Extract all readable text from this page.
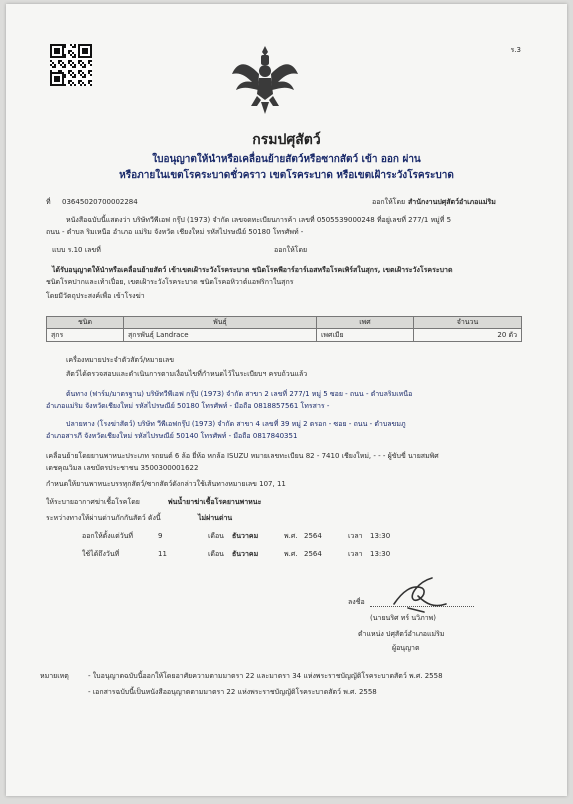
ร.3
กรมปศุสัตว์
ใบอนุญาตให้นำหรือเคลื่อนย้ายสัตว์หรือซากสัตว์ เข้า ออก ผ่าน
หรือภายในเขตโรคระบาดชั่วคราว เขตโรคระบาด หรือเขตเฝ้าระวังโรคระบาด
ที่ 03645020700002284	ออกให้โดย สำนักงานปศุสัตว์อำเภอแม่ริม
หนังสือฉบับนี้แสดงว่า บริษัทวีพีเอฟ กรุ๊ป (1973) จำกัด เลขจดทะเบียนการค้า เลขที่ 0505539000248 ที่อยู่เลขที่ 277/1 หมู่ที่ 5
ถนน - ตำบล ริมเหนือ อำเภอ แม่ริม จังหวัด เชียงใหม่ รหัสไปรษณีย์ 50180 โทรศัพท์ -
แบบ ร.10 เลขที่	ออกให้โดย
ได้รับอนุญาตให้นำหรือเคลื่อนย้ายสัตว์ เข้าเขตเฝ้าระวังโรคระบาด ชนิดโรคพีอาร์อาร์เอสหรือโรคเพิร์สในสุกร, เขตเฝ้าระวังโรคระบาด
ชนิดโรคปากและเท้าเปื่อย, เขตเฝ้าระวังโรคระบาด ชนิดโรคอหิวาต์แอฟริกาในสุกร
โดยมีวัตถุประสงค์เพื่อ เข้าโรงฆ่า
ชนิด	พันธุ์	เพศ	จำนวน
สุกร	สุกรพันธุ์ Landrace	เพศเมีย	20 ตัว
เครื่องหมายประจำตัวสัตว์/หมายเลข
สัตว์ได้ตรวจสอบและดำเนินการตามเงื่อนไขที่กำหนดไว้ในระเบียบฯ ครบถ้วนแล้ว
ต้นทาง (ฟาร์ม/มาตรฐาน) บริษัทวีพีเอฟ กรุ๊ป (1973) จำกัด สาขา 2 เลขที่ 277/1 หมู่ 5 ซอย - ถนน - ตำบลริมเหนือ
อำเภอแม่ริม จังหวัดเชียงใหม่ รหัสไปรษณีย์ 50180 โทรศัพท์ - มือถือ 0818857561 โทรสาร -
ปลายทาง (โรงฆ่าสัตว์) บริษัท วีพีเอฟกรุ๊ป (1973) จำกัด สาขา 4 เลขที่ 39 หมู่ 2 ตรอก - ซอย - ถนน - ตำบลขมภู
อำเภอสารภี จังหวัดเชียงใหม่ รหัสไปรษณีย์ 50140 โทรศัพท์ - มือถือ 0817840351
เคลื่อนย้ายโดยยานพาหนะประเภท รถยนต์ 6 ล้อ ยี่ห้อ หกล้อ ISUZU หมายเลขทะเบียน 82 - 7410 เชียงใหม่, - - - ผู้ขับขี่ นายสมพิศ
เดชคุณวิมล เลขบัตรประชาชน 3500300001622
กำหนดให้ยานพาหนะบรรทุกสัตว์/ซากสัตว์ดังกล่าวใช้เส้นทางหมายเลข 107, 11
ให้ระบายอากาศฆ่าเชื้อโรคโดย	พ่นน้ำยาฆ่าเชื้อโรคยานพาหนะ
ระหว่างทางให้ผ่านด่านกักกันสัตว์ ดังนี้	ไม่ผ่านด่าน
ออกให้ตั้งแต่วันที่	9	เดือน ธันวาคม	พ.ศ. 2564	เวลา 13:30
ใช้ได้ถึงวันที่	11	เดือน ธันวาคม	พ.ศ. 2564	เวลา 13:30
ลงชื่อ
(นายนริศ ทร์ นวิภาพ)
ตำแหน่ง ปศุสัตว์อำเภอแม่ริม
ผู้อนุญาต
หมายเหตุ	- ใบอนุญาตฉบับนี้ออกให้โดยอาศัยความตามมาตรา 22 และมาตรา 34 แห่งพระราชบัญญัติโรคระบาดสัตว์ พ.ศ. 2558
- เอกสารฉบับนี้เป็นหนังสืออนุญาตตามมาตรา 22 แห่งพระราชบัญญัติโรคระบาดสัตว์ พ.ศ. 2558
